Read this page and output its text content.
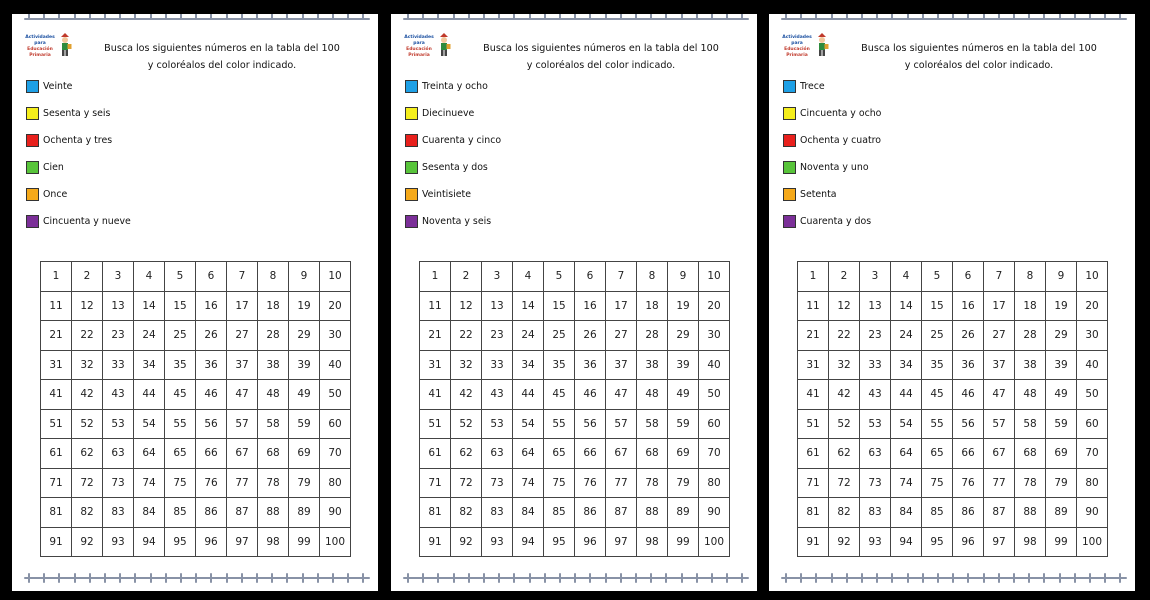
Actividades
para
Educación Primaria
Busca los siguientes números en la tabla del 100
y coloréalos del color indicado.
Veinte
Sesenta y seis
Ochenta y tres
Cien
Once
Cincuenta y nueve
1	2	3	4	5	6	7	8	9	10
11	12	13	14	15	16	17	18	19	20
21	22	23	24	25	26	27	28	29	30
31	32	33	34	35	36	37	38	39	40
41	42	43	44	45	46	47	48	49	50
51	52	53	54	55	56	57	58	59	60
61	62	63	64	65	66	67	68	69	70
71	72	73	74	75	76	77	78	79	80
81	82	83	84	85	86	87	88	89	90
91	92	93	94	95	96	97	98	99	100
Actividades
para
Educación Primaria
Busca los siguientes números en la tabla del 100
y coloréalos del color indicado.
Treinta y ocho
Diecinueve
Cuarenta y cinco
Sesenta y dos
Veintisiete
Noventa y seis
1	2	3	4	5	6	7	8	9	10
11	12	13	14	15	16	17	18	19	20
21	22	23	24	25	26	27	28	29	30
31	32	33	34	35	36	37	38	39	40
41	42	43	44	45	46	47	48	49	50
51	52	53	54	55	56	57	58	59	60
61	62	63	64	65	66	67	68	69	70
71	72	73	74	75	76	77	78	79	80
81	82	83	84	85	86	87	88	89	90
91	92	93	94	95	96	97	98	99	100
Actividades
para
Educación Primaria
Busca los siguientes números en la tabla del 100
y coloréalos del color indicado.
Trece
Cincuenta y ocho
Ochenta y cuatro
Noventa y uno
Setenta
Cuarenta y dos
1	2	3	4	5	6	7	8	9	10
11	12	13	14	15	16	17	18	19	20
21	22	23	24	25	26	27	28	29	30
31	32	33	34	35	36	37	38	39	40
41	42	43	44	45	46	47	48	49	50
51	52	53	54	55	56	57	58	59	60
61	62	63	64	65	66	67	68	69	70
71	72	73	74	75	76	77	78	79	80
81	82	83	84	85	86	87	88	89	90
91	92	93	94	95	96	97	98	99	100
